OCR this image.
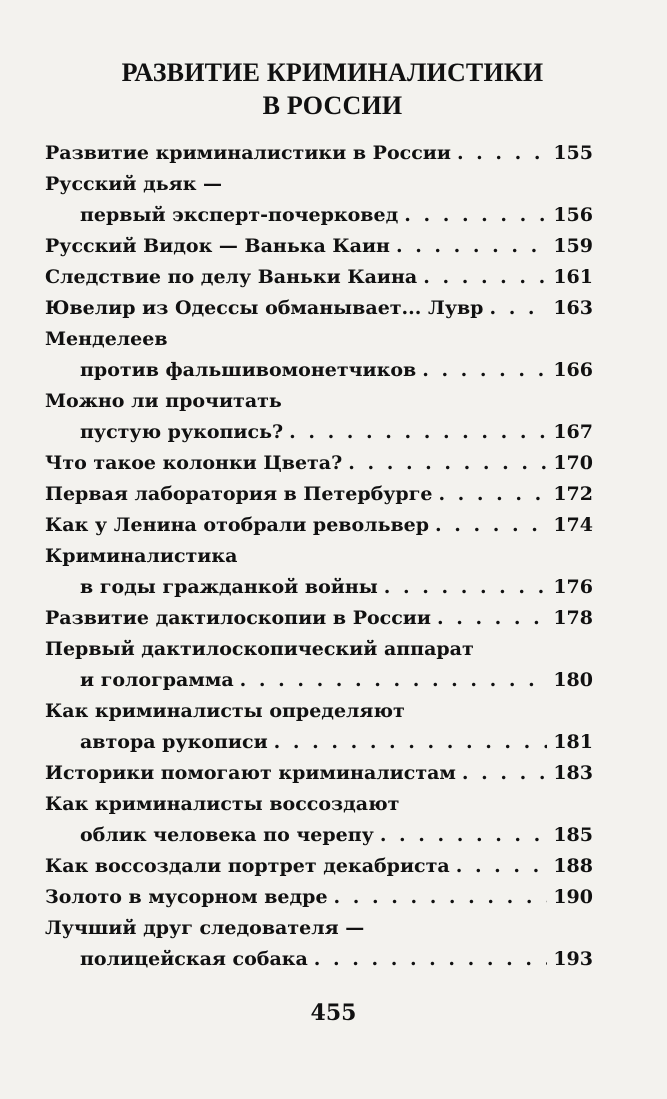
РАЗВИТИЕ КРИМИНАЛИСТИКИ
В РОССИИ
Развитие криминалистики в России . . .	155
Русский дьяк —
первый эксперт-почерковед . . .	156
Русский Видок — Ванька Каин . . .	159
Следствие по делу Ваньки Каина . . .	161
Ювелир из Одессы обманывает... Лувр . . .	163
Менделеев
против фальшивомонетчиков . . .	166
Можно ли прочитать
пустую рукопись? . . .	167
Что такое колонки Цвета? . . .	170
Первая лаборатория в Петербурге . . .	172
Как у Ленина отобрали револьвер . . .	174
Криминалистика
в годы гражданкой войны . . .	176
Развитие дактилоскопии в России . . .	178
Первый дактилоскопический аппарат
и голограмма . . .	180
Как криминалисты определяют
автора рукописи . . .	181
Историки помогают криминалистам . . .	183
Как криминалисты воссоздают
облик человека по черепу . . .	185
Как воссоздали портрет декабриста . . .	188
Золото в мусорном ведре . . .	190
Лучший друг следователя —
полицейская собака . . .	193
455
